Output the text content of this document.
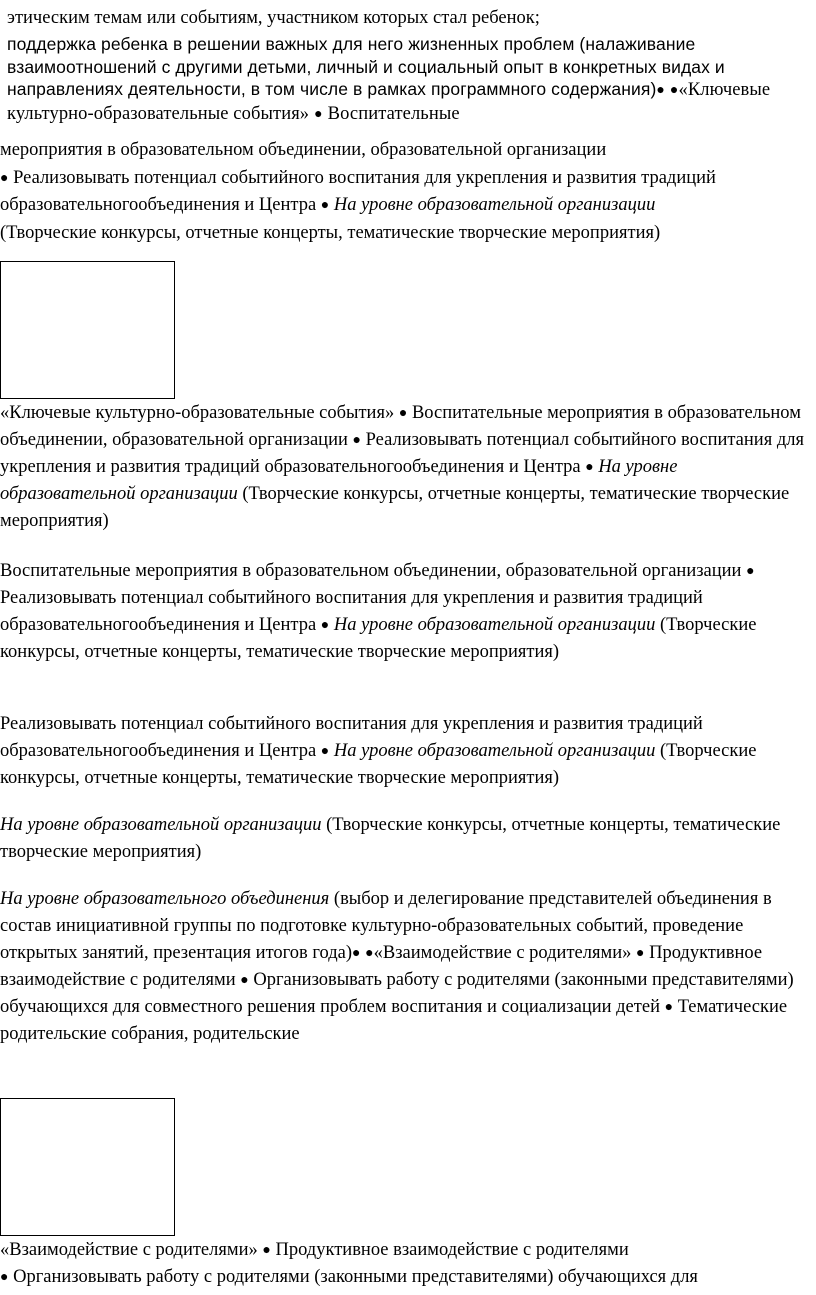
этическим темам или событиям, участником которых стал ребенок;

поддержка ребенка в решении важных для него жизненных проблем (налаживание взаимоотношений с другими детьми, личный и социальный опыт в конкретных видах и направлениях деятельности, в том числе в рамках программного содержания)● ●«Ключевые культурно-образовательные события» ● Воспитательные

мероприятия в образовательном объединении, образовательной организации
● Реализовывать потенциал событийного воспитания для укрепления и развития традиций
образовательногообъединения и Центра ● На уровне образовательной организации
(Творческие конкурсы, отчетные концерты, тематические творческие мероприятия)

«Ключевые культурно-образовательные события» ● Воспитательные мероприятия в образовательном объединении, образовательной организации ● Реализовывать потенциал событийного воспитания для укрепления и развития традиций образовательногообъединения и Центра ● На уровне образовательной организации (Творческие конкурсы, отчетные концерты, тематические творческие мероприятия)

Воспитательные мероприятия в образовательном объединении, образовательной организации ● Реализовывать потенциал событийного воспитания для укрепления и развития традиций образовательногообъединения и Центра ● На уровне образовательной организации (Творческие конкурсы, отчетные концерты, тематические творческие мероприятия)

Реализовывать потенциал событийного воспитания для укрепления и развития традиций образовательногообъединения и Центра ● На уровне образовательной организации (Творческие конкурсы, отчетные концерты, тематические творческие мероприятия)

На уровне образовательной организации (Творческие конкурсы, отчетные концерты, тематические творческие мероприятия)

На уровне образовательного объединения (выбор и делегирование представителей объединения в состав инициативной группы по подготовке культурно-образовательных событий, проведение открытых занятий, презентация итогов года)● ●«Взаимодействие с родителями» ● Продуктивное взаимодействие с родителями ● Организовывать работу с родителями (законными представителями) обучающихся для совместного решения проблем воспитания и социализации детей ● Тематические родительские собрания, родительские

«Взаимодействие с родителями» ● Продуктивное взаимодействие с родителями
● Организовывать работу с родителями (законными представителями) обучающихся для
